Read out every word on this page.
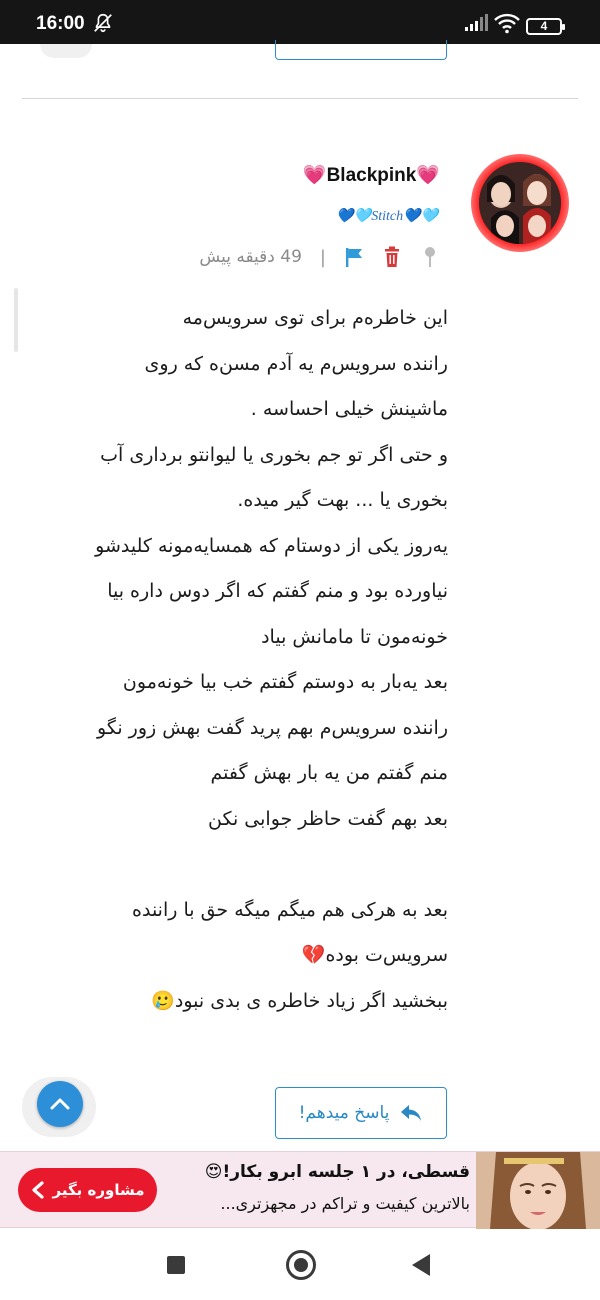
16:00	4
💗Blackpink💗
💙🩵Stitch💙🩵
|
49 دقیقه پیش
این خاطره‌م برای توی سرویس‌مه
راننده سرویس‌م یه آدم مسن‌ه که روی
ماشینش خیلی احساسه .
و حتی اگر تو جم بخوری یا لیوانتو برداری آب
بخوری یا ... بهت گیر میده.
یه‌روز یکی از دوستام که همسایه‌مونه کلیدشو
نیاورده بود و منم گفتم که اگر دوس داره بیا
خونه‌مون تا مامانش بیاد
بعد یه‌بار به دوستم گفتم خب بیا خونه‌مون
راننده سرویس‌م بهم پرید گفت بهش زور نگو
منم گفتم من یه بار بهش گفتم
بعد بهم گفت حاظر جوابی نکن
بعد به هرکی هم میگم میگه حق با راننده
سرویس‌ت بوده💔
ببخشید اگر زیاد خاطره ی بدی نبود🥲
پاسخ میدهم!
قسطی، در ۱ جلسه ابرو بکار!😍
بالاترین کیفیت و تراکم در مجهزتری...
مشاوره بگیر
